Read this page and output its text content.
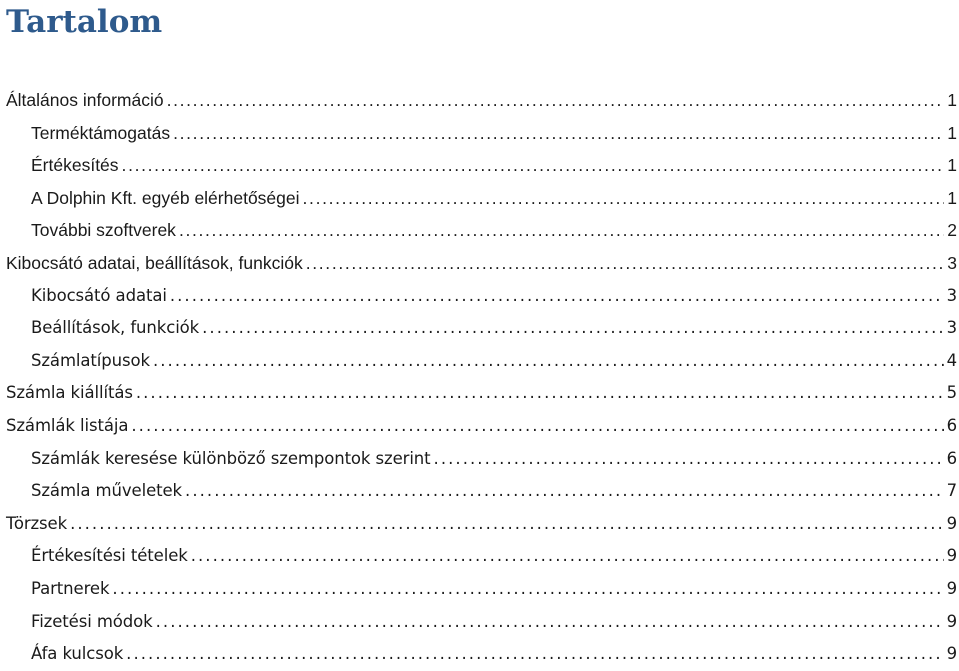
Tartalom
Általános információ . . .	1
Terméktámogatás . . .	1
Értékesítés . . .	1
A Dolphin Kft. egyéb elérhetőségei . . .	1
További szoftverek . . .	2
Kibocsátó adatai, beállítások, funkciók . . .	3
Kibocsátó adatai . . .	3
Beállítások, funkciók . . .	3
Számlatípusok . . .	4
Számla kiállítás . . .	5
Számlák listája . . .	6
Számlák keresése különböző szempontok szerint . . .	6
Számla műveletek . . .	7
Törzsek . . .	9
Értékesítési tételek . . .	9
Partnerek . . .	9
Fizetési módok . . .	9
Áfa kulcsok . . .	9
